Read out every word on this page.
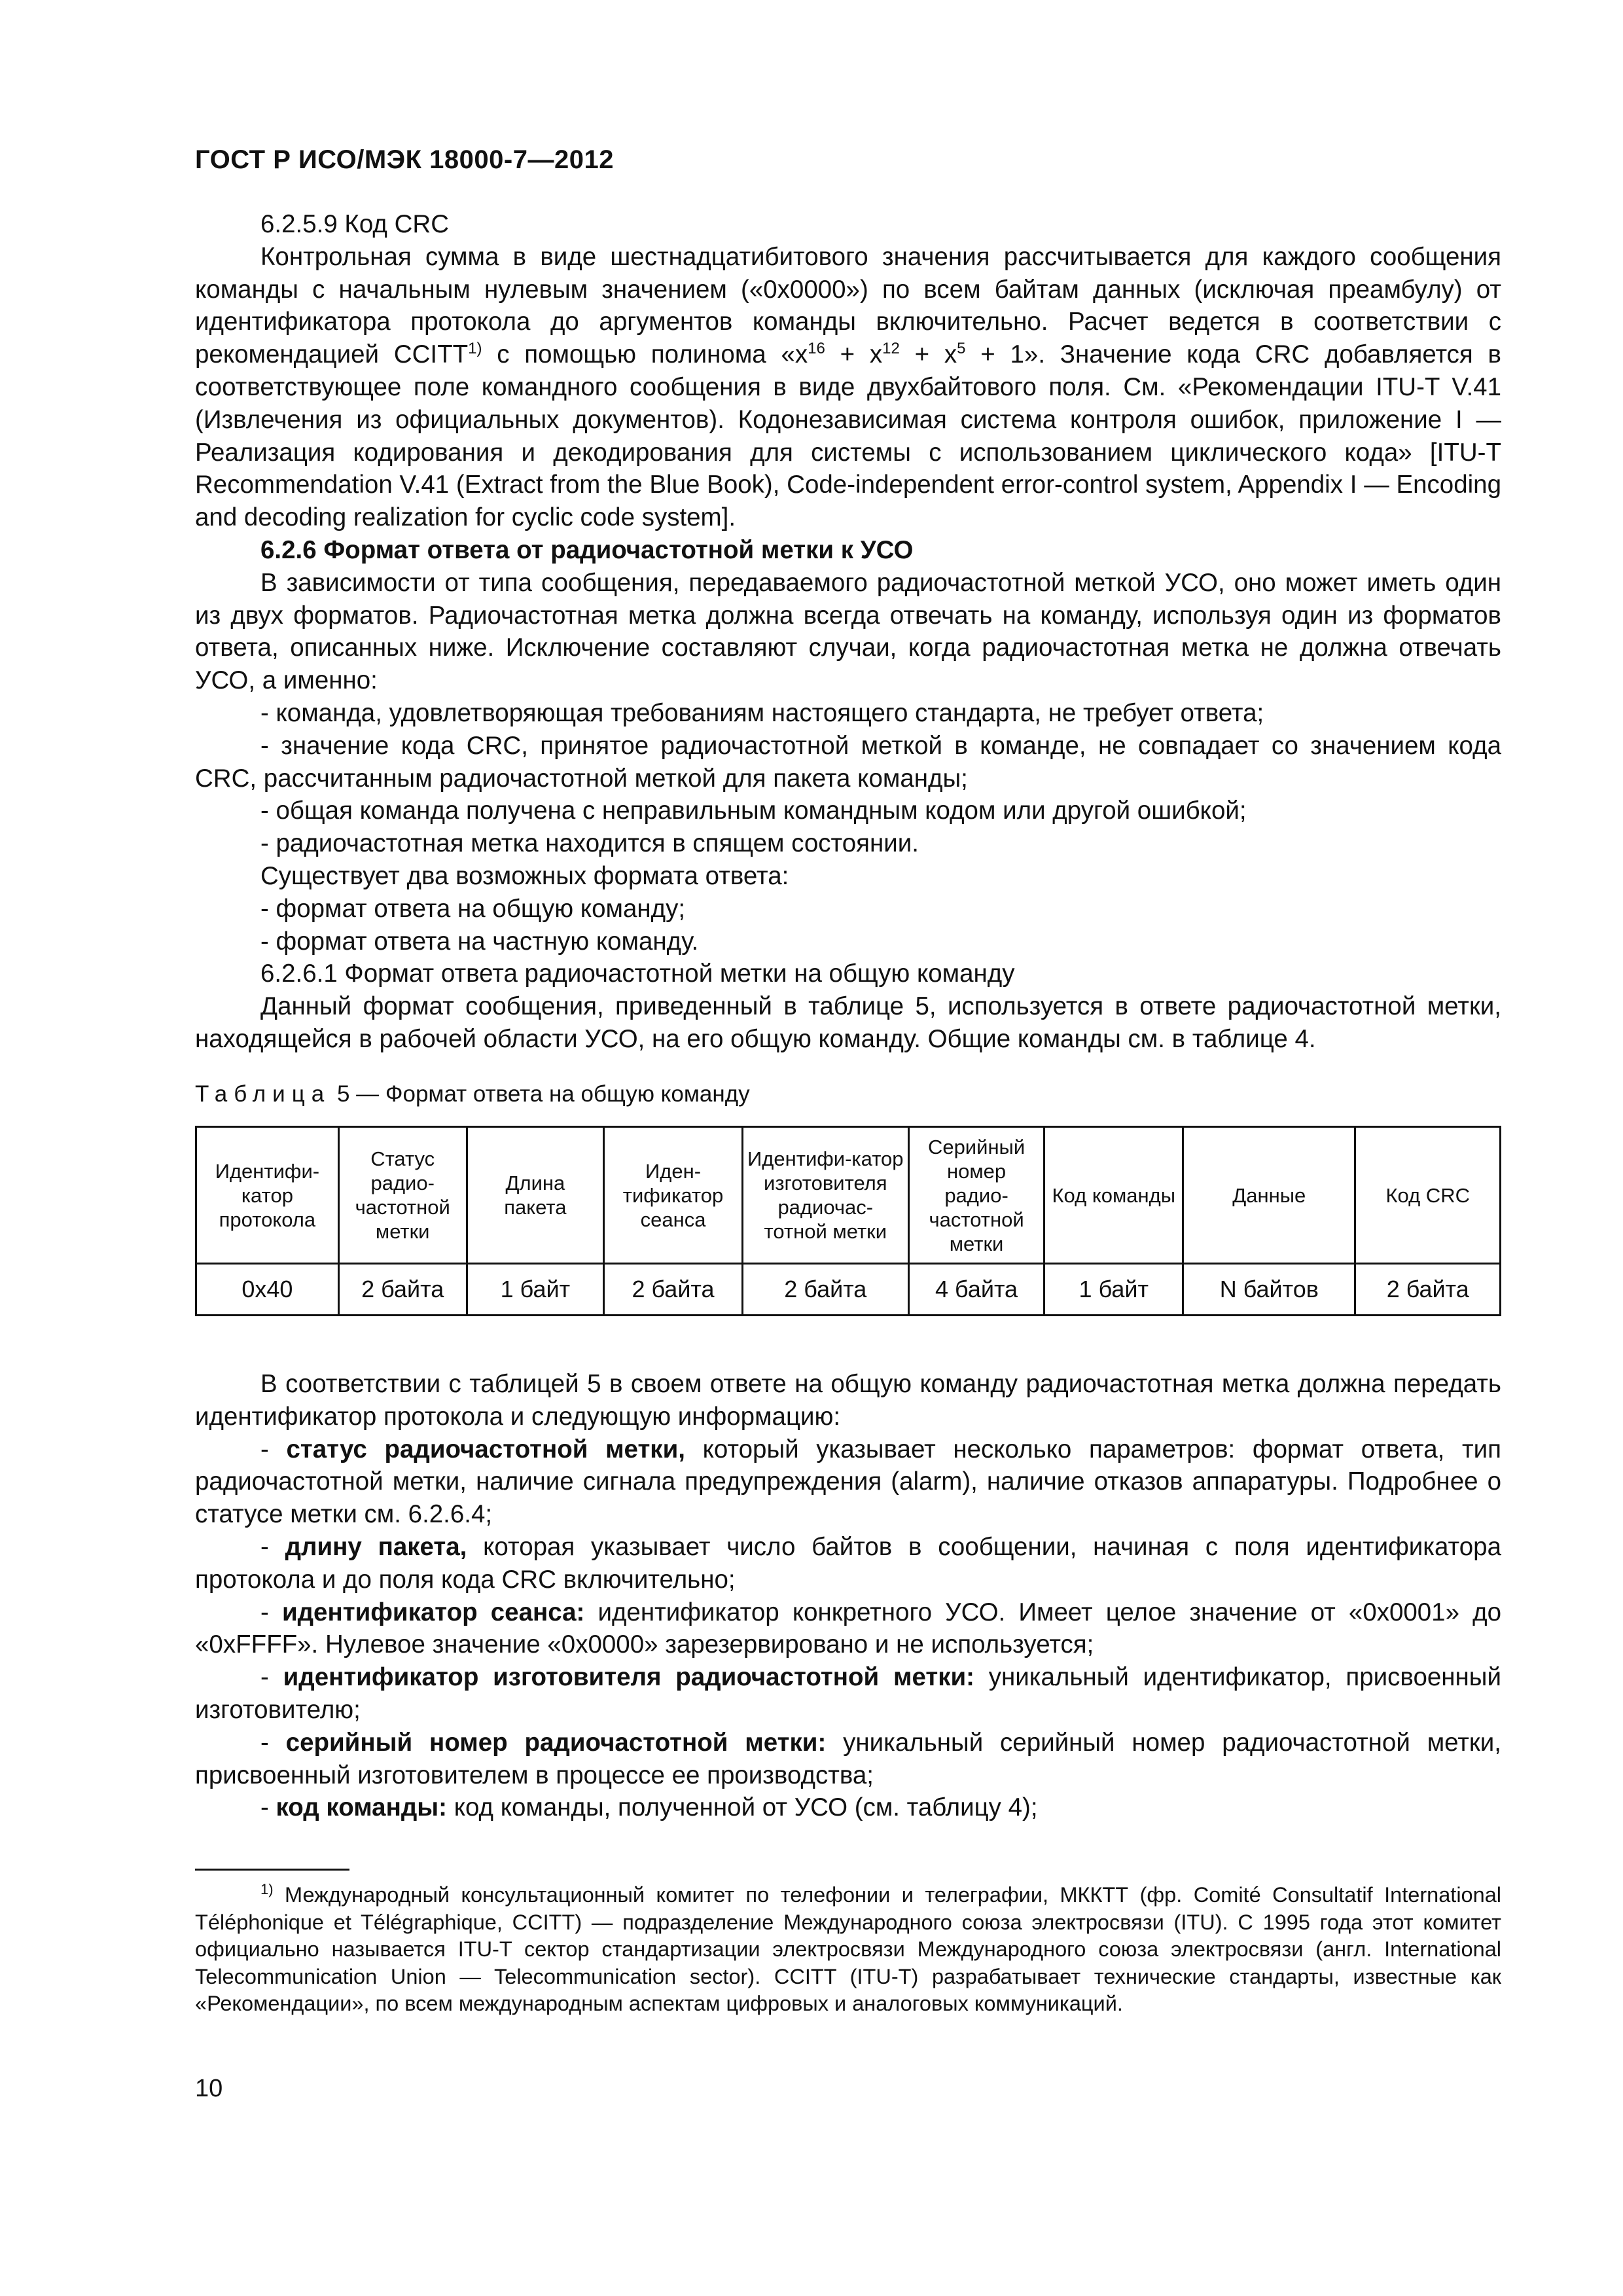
ГОСТ Р ИСО/МЭК 18000-7—2012

6.2.5.9 Код CRC

Контрольная сумма в виде шестнадцатибитового значения рассчитывается для каждого сообщения команды с начальным нулевым значением («0x0000») по всем байтам данных (исключая преамбулу) от идентификатора протокола до аргументов команды включительно. Расчет ведется в соответствии с рекомендацией CCITT$^{1)}$ с помощью полинома «$x^{16} + x^{12} + x^5 + 1$». Значение кода CRC добавляется в соответствующее поле командного сообщения в виде двухбайтового поля. См. «Рекомендации ITU-T V.41 (Извлечения из официальных документов). Кодонезависимая система контроля ошибок, приложение I — Реализация кодирования и декодирования для системы с использованием циклического кода» [ITU-T Recommendation V.41 (Extract from the Blue Book), Code-independent error-control system, Appendix I — Encoding and decoding realization for cyclic code system].

6.2.6 Формат ответа от радиочастотной метки к УСО

В зависимости от типа сообщения, передаваемого радиочастотной меткой УСО, оно может иметь один из двух форматов. Радиочастотная метка должна всегда отвечать на команду, используя один из форматов ответа, описанных ниже. Исключение составляют случаи, когда радиочастотная метка не должна отвечать УСО, а именно:

- команда, удовлетворяющая требованиям настоящего стандарта, не требует ответа;

- значение кода CRC, принятое радиочастотной меткой в команде, не совпадает со значением кода CRC, рассчитанным радиочастотной меткой для пакета команды;

- общая команда получена с неправильным командным кодом или другой ошибкой;

- радиочастотная метка находится в спящем состоянии.

Существует два возможных формата ответа:

- формат ответа на общую команду;

- формат ответа на частную команду.

6.2.6.1 Формат ответа радиочастотной метки на общую команду

Данный формат сообщения, приведенный в таблице 5, используется в ответе радиочастотной метки, находящейся в рабочей области УСО, на его общую команду. Общие команды см. в таблице 4.

Таблица 5 — Формат ответа на общую команду
Идентифи-катор протокола	Статус радио-частотной метки	Длина пакета	Иден-тификатор сеанса	Идентифи-катор изготовителя радиочас-тотной метки	Серийный номер радио-частотной метки	Код команды	Данные	Код CRC
0x40	2 байта	1 байт	2 байта	2 байта	4 байта	1 байт	N байтов	2 байта

В соответствии с таблицей 5 в своем ответе на общую команду радиочастотная метка должна передать идентификатор протокола и следующую информацию:

- статус радиочастотной метки, который указывает несколько параметров: формат ответа, тип радиочастотной метки, наличие сигнала предупреждения (alarm), наличие отказов аппаратуры. Подробнее о статусе метки см. 6.2.6.4;

- длину пакета, которая указывает число байтов в сообщении, начиная с поля идентификатора протокола и до поля кода CRC включительно;

- идентификатор сеанса: идентификатор конкретного УСО. Имеет целое значение от «0x0001» до «0xFFFF». Нулевое значение «0x0000» зарезервировано и не используется;

- идентификатор изготовителя радиочастотной метки: уникальный идентификатор, присвоенный изготовителю;

- серийный номер радиочастотной метки: уникальный серийный номер радиочастотной метки, присвоенный изготовителем в процессе ее производства;

- код команды: код команды, полученной от УСО (см. таблицу 4);

$^{1)}$ Международный консультационный комитет по телефонии и телеграфии, МККТТ (фр. Comité Consultatif International Téléphonique et Télégraphique, CCITT) — подразделение Международного союза электросвязи (ITU). С 1995 года этот комитет официально называется ITU-T сектор стандартизации электросвязи Международного союза электросвязи (англ. International Telecommunication Union — Telecommunication sector). CCITT (ITU-T) разрабатывает технические стандарты, известные как «Рекомендации», по всем международным аспектам цифровых и аналоговых коммуникаций.

10
